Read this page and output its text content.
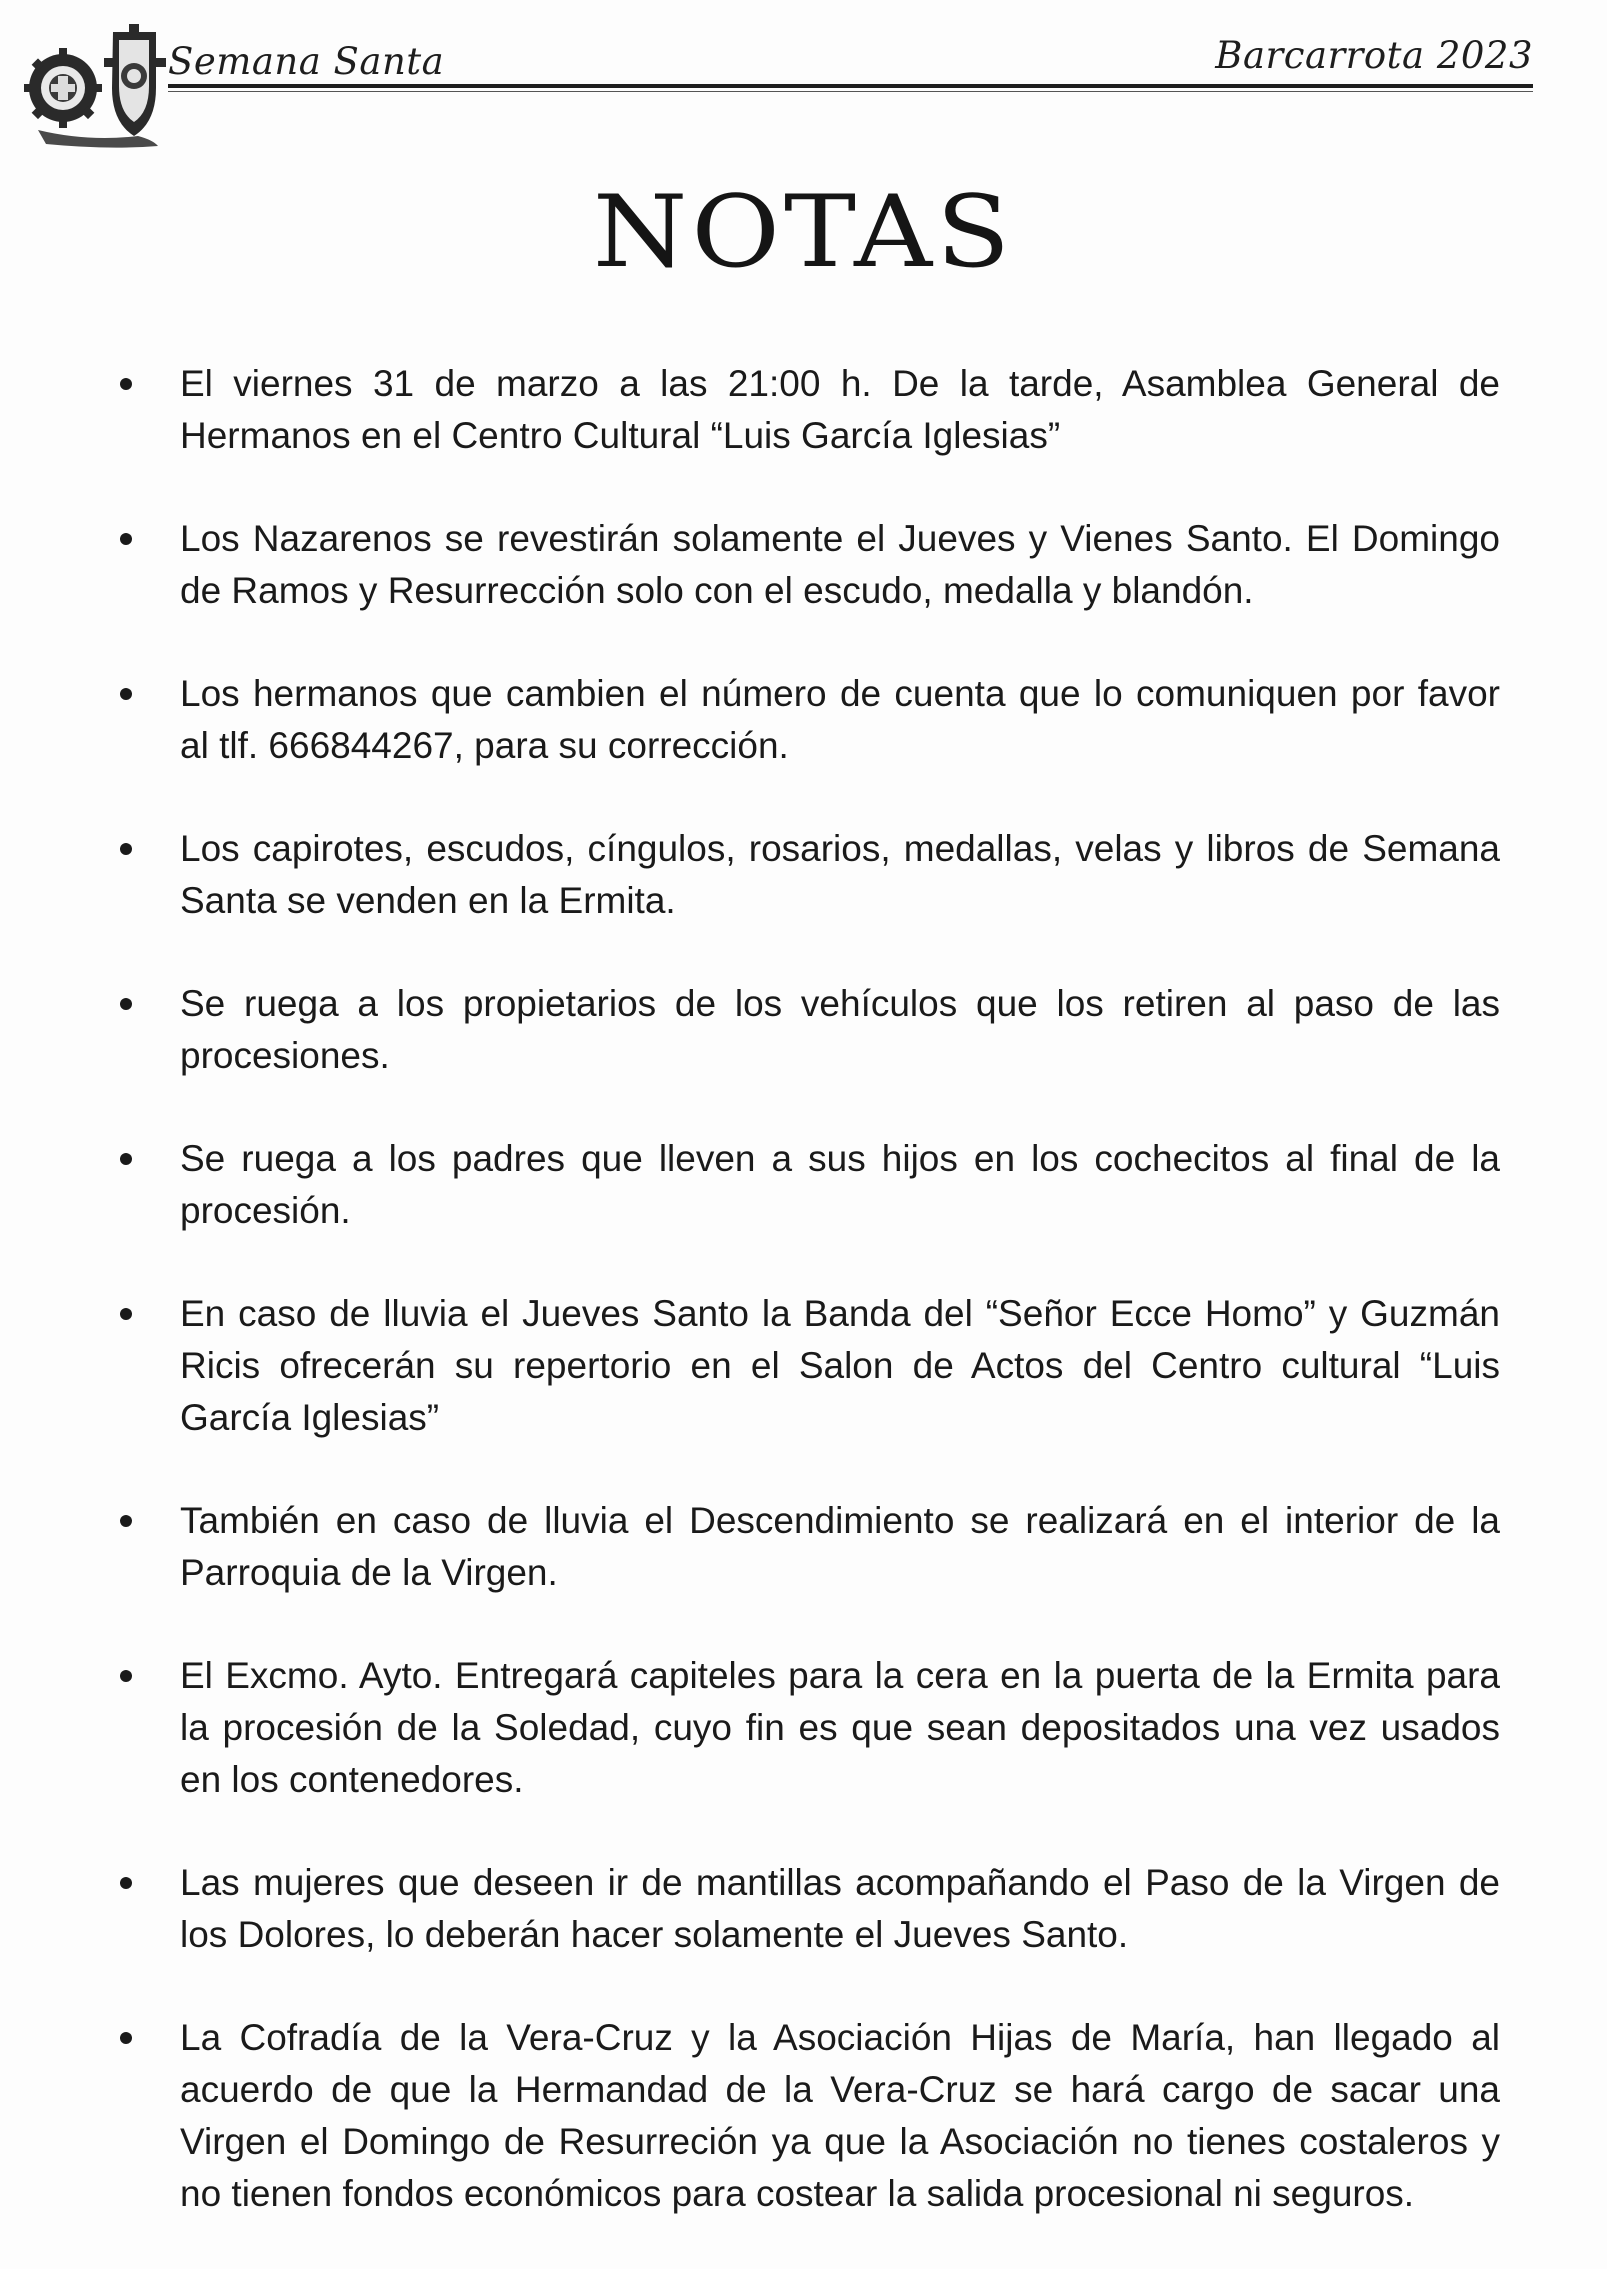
Semana Santa	Barcarrota 2023
NOTAS
El viernes 31 de marzo a las 21:00 h. De la tarde, Asamblea General de Hermanos en el Centro Cultural “Luis García Iglesias”
Los Nazarenos se revestirán solamente el Jueves y Vienes Santo. El Domingo de Ramos y Resurrección solo con el escudo, medalla y blandón.
Los hermanos que cambien el número de cuenta que lo comuniquen por favor al tlf. 666844267, para su corrección.
Los capirotes, escudos, cíngulos, rosarios, medallas, velas y libros de Semana Santa se venden en la Ermita.
Se ruega a los propietarios de los vehículos que los retiren al paso de las procesiones.
Se ruega a los padres que lleven a sus hijos en los cochecitos al final de la procesión.
En caso de lluvia el Jueves Santo la Banda del “Señor Ecce Homo” y Guzmán Ricis ofrecerán su repertorio en el Salon de Actos del Centro cultural “Luis García Iglesias”
También en caso de lluvia el Descendimiento se realizará en el interior de la Parroquia de la Virgen.
El Excmo. Ayto. Entregará capiteles para la cera en la puerta de la Ermita para la procesión de la Soledad, cuyo fin es que sean depositados una vez usados en los contenedores.
Las mujeres que deseen ir de mantillas acompañando el Paso de la Virgen de los Dolores, lo deberán hacer solamente el Jueves Santo.
La Cofradía de la Vera-Cruz y la Asociación Hijas de María, han llegado al acuerdo de que la Hermandad de la Vera-Cruz se hará cargo de sacar una Virgen el Domingo de Resurreción ya que la Asociación no tienes costaleros y no tienen fondos económicos para costear la salida procesional ni seguros.
